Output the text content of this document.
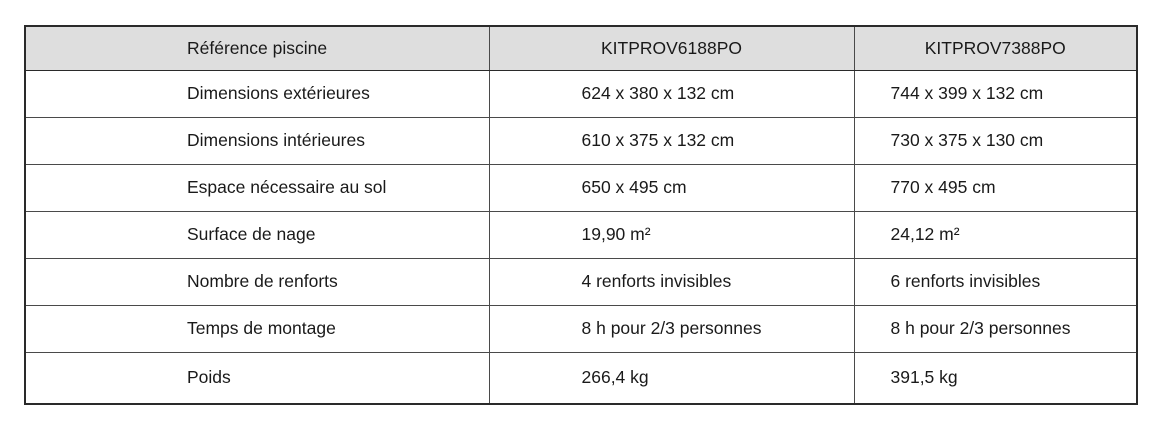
Référence piscine	KITPROV6188PO	KITPROV7388PO
Dimensions extérieures	624 x 380 x 132 cm	744 x 399 x 132 cm
Dimensions intérieures	610 x 375 x 132 cm	730 x 375 x 130 cm
Espace nécessaire au sol	650 x 495 cm	770 x 495 cm
Surface de nage	19,90 m²	24,12 m²
Nombre de renforts	4 renforts invisibles	6 renforts invisibles
Temps de montage	8 h pour 2/3 personnes	8 h pour 2/3 personnes
Poids	266,4 kg	391,5 kg
